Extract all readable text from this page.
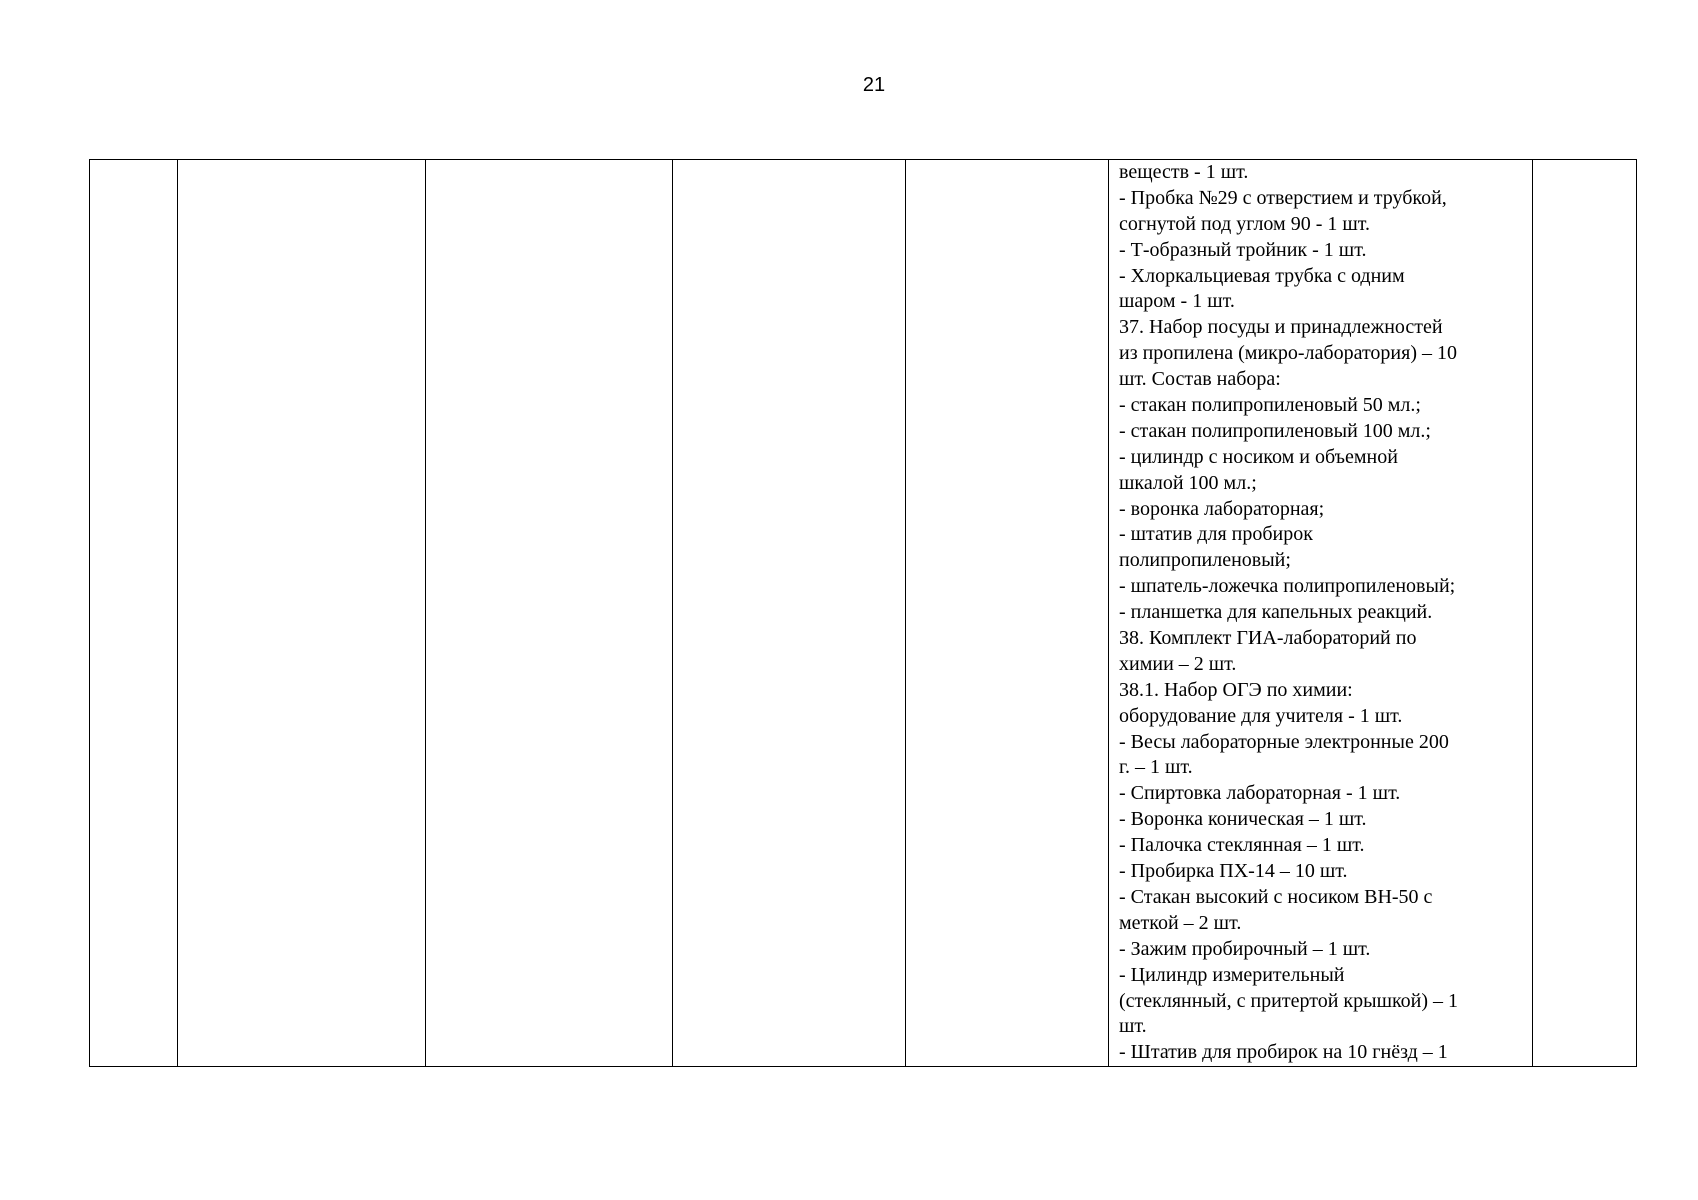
21

веществ - 1 шт.
- Пробка №29 с отверстием и трубкой,
согнутой под углом 90 - 1 шт.
- Т-образный тройник - 1 шт.
- Хлоркальциевая трубка с одним
шаром - 1 шт.
37. Набор посуды и принадлежностей
из пропилена (микро-лаборатория) – 10
шт. Состав набора:
- стакан полипропиленовый 50 мл.;
- стакан полипропиленовый 100 мл.;
- цилиндр с носиком и объемной
шкалой 100 мл.;
- воронка лабораторная;
- штатив для пробирок
полипропиленовый;
- шпатель-ложечка полипропиленовый;
- планшетка для капельных реакций.
38. Комплект ГИА-лабораторий по
химии – 2 шт.
38.1. Набор ОГЭ по химии:
оборудование для учителя - 1 шт.
- Весы лабораторные электронные 200
г. – 1 шт.
- Спиртовка лабораторная - 1 шт.
- Воронка коническая – 1 шт.
- Палочка стеклянная – 1 шт.
- Пробирка ПХ-14 – 10 шт.
- Стакан высокий с носиком ВН-50 с
меткой – 2 шт.
- Зажим пробирочный – 1 шт.
- Цилиндр измерительный
(стеклянный, с притертой крышкой) – 1
шт.
- Штатив для пробирок на 10 гнёзд – 1
